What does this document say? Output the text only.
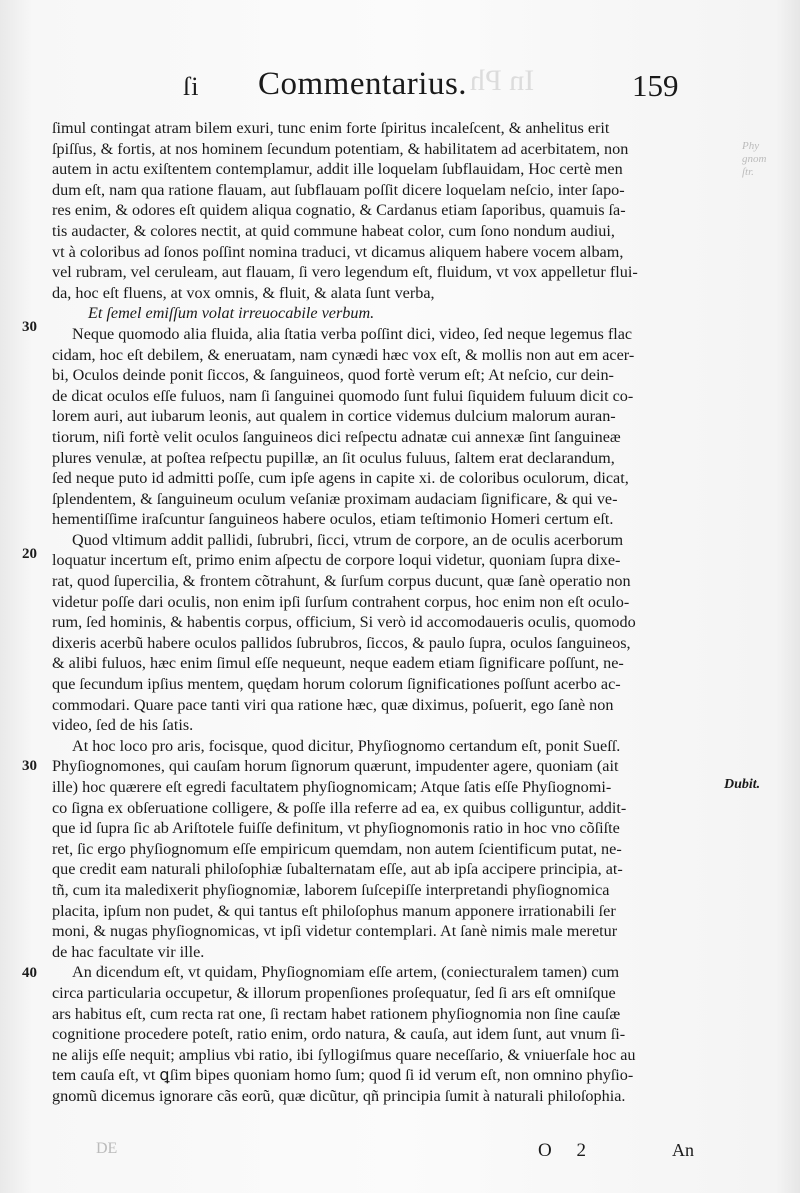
In Ph
ſi Commentarius.	159
Phy
gnom
ſtr.
ſimul contingat atram bilem exuri, tunc enim forte ſpiritus incaleſcent, & anhelitus erit
ſpiſſus, & fortis, at nos hominem ſecundum potentiam, & habilitatem ad acerbitatem, non
autem in actu exiſtentem contemplamur, addit ille loquelam ſubflauidam, Hoc certè men
dum eſt, nam qua ratione flauam, aut ſubflauam poſſit dicere loquelam neſcio, inter ſapo-
res enim, & odores eſt quidem aliqua cognatio, & Cardanus etiam ſaporibus, quamuis ſa-
tis audacter, & colores nectit, at quid commune habeat color, cum ſono nondum audiui,
vt à coloribus ad ſonos poſſint nomina traduci, vt dicamus aliquem habere vocem albam,
vel rubram, vel ceruleam, aut flauam, ſi vero legendum eſt, fluidum, vt vox appelletur flui-
da, hoc eſt fluens, at vox omnis, & fluit, & alata ſunt verba,
Et ſemel emiſſum volat irreuocabile verbum.
Neque quomodo alia fluida, alia ſtatia verba poſſint dici, video, ſed neque legemus flac
cidam, hoc eſt debilem, & eneruatam, nam cynædi hæc vox eſt, & mollis non aut em acer-
bi, Oculos deinde ponit ſiccos, & ſanguineos, quod fortè verum eſt; At neſcio, cur dein-
de dicat oculos eſſe fuluos, nam ſi ſanguinei quomodo ſunt fului ſiquidem fuluum dicit co-
lorem auri, aut iubarum leonis, aut qualem in cortice videmus dulcium malorum auran-
tiorum, niſi fortè velit oculos ſanguineos dici reſpectu adnatæ cui annexæ ſint ſanguineæ
plures venulæ, at poſtea reſpectu pupillæ, an ſit oculus fuluus, ſaltem erat declarandum,
ſed neque puto id admitti poſſe, cum ipſe agens in capite xi. de coloribus oculorum, dicat,
ſplendentem, & ſanguineum oculum veſaniæ proximam audaciam ſignificare, & qui ve-
hementiſſime iraſcuntur ſanguineos habere oculos, etiam teſtimonio Homeri certum eſt.
Quod vltimum addit pallidi, ſubrubri, ſicci, vtrum de corpore, an de oculis acerborum
loquatur incertum eſt, primo enim aſpectu de corpore loqui videtur, quoniam ſupra dixe-
rat, quod ſupercilia, & frontem cõtrahunt, & ſurſum corpus ducunt, quæ ſanè operatio non
videtur poſſe dari oculis, non enim ipſi ſurſum contrahent corpus, hoc enim non eſt oculo-
rum, ſed hominis, & habentis corpus, officium, Si verò id accomodaueris oculis, quomodo
dixeris acerbũ habere oculos pallidos ſubrubros, ſiccos, & paulo ſupra, oculos ſanguineos,
& alibi fuluos, hæc enim ſimul eſſe nequeunt, neque eadem etiam ſignificare poſſunt, ne-
que ſecundum ipſius mentem, quędam horum colorum ſignificationes poſſunt acerbo ac-
commodari. Quare pace tanti viri qua ratione hæc, quæ diximus, poſuerit, ego ſanè non
video, ſed de his ſatis.
At hoc loco pro aris, focisque, quod dicitur, Phyſiognomo certandum eſt, ponit Sueſſ.
Phyſiognomones, qui cauſam horum ſignorum quærunt, impudenter agere, quoniam (ait
ille) hoc quærere eſt egredi facultatem phyſiognomicam; Atque ſatis eſſe Phyſiognomi-
co ſigna ex obſeruatione colligere, & poſſe illa referre ad ea, ex quibus colliguntur, addit-
que id ſupra ſic ab Ariſtotele fuiſſe definitum, vt phyſiognomonis ratio in hoc vno cõſiſte
ret, ſic ergo phyſiognomum eſſe empiricum quemdam, non autem ſcientificum putat, ne-
que credit eam naturali philoſophiæ ſubalternatam eſſe, aut ab ipſa accipere principia, at-
tñ, cum ita maledixerit phyſiognomiæ, laborem ſuſcepiſſe interpretandi phyſiognomica
placita, ipſum non pudet, & qui tantus eſt philoſophus manum apponere irrationabili ſer
moni, & nugas phyſiognomicas, vt ipſi videtur contemplari. At ſanè nimis male meretur
de hac facultate vir ille.
An dicendum eſt, vt quidam, Phyſiognomiam eſſe artem, (coniecturalem tamen) cum
circa particularia occupetur, & illorum propenſiones proſequatur, ſed ſi ars eſt omniſque
ars habitus eſt, cum recta rat one, ſi rectam habet rationem phyſiognomia non ſine cauſæ
cognitione procedere poteſt, ratio enim, ordo natura, & cauſa, aut idem ſunt, aut vnum ſi-
ne alijs eſſe nequit; amplius vbi ratio, ibi ſyllogiſmus quare neceſſario, & vniuerſale hoc au
tem cauſa eſt, vt ꝗſim bipes quoniam homo ſum; quod ſi id verum eſt, non omnino phyſio-
gnomũ dicemus ignorare cãs eorũ, quæ dicũtur, qñ principia ſumit à naturali philoſophia.
30
20
30
40
Dubit.
DE	O 2	An
